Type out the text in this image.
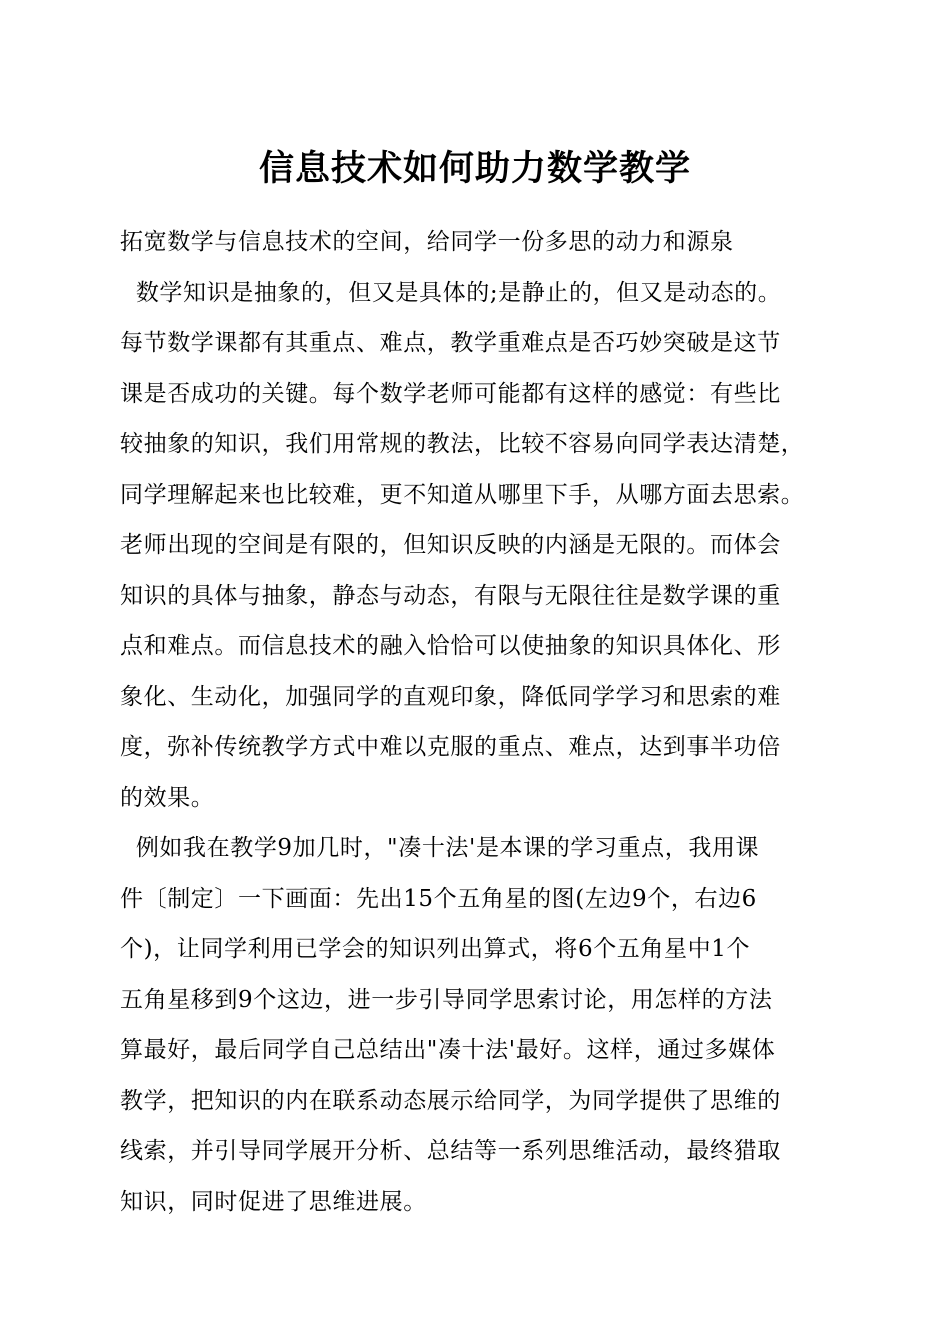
信息技术如何助力数学教学
拓宽数学与信息技术的空间，给同学一份多思的动力和源泉
数学知识是抽象的，但又是具体的;是静止的，但又是动态的。
每节数学课都有其重点、难点，教学重难点是否巧妙突破是这节
课是否成功的关键。每个数学老师可能都有这样的感觉：有些比
较抽象的知识，我们用常规的教法，比较不容易向同学表达清楚，
同学理解起来也比较难，更不知道从哪里下手，从哪方面去思索。
老师出现的空间是有限的，但知识反映的内涵是无限的。而体会
知识的具体与抽象，静态与动态，有限与无限往往是数学课的重
点和难点。而信息技术的融入恰恰可以使抽象的知识具体化、形
象化、生动化，加强同学的直观印象，降低同学学习和思索的难
度，弥补传统教学方式中难以克服的重点、难点，达到事半功倍
的效果。
例如我在教学9加几时，"凑十法'是本课的学习重点，我用课
件〔制定〕一下画面：先出15个五角星的图(左边9个，右边6
个)，让同学利用已学会的知识列出算式，将6个五角星中1个
五角星移到9个这边，进一步引导同学思索讨论，用怎样的方法
算最好，最后同学自己总结出"凑十法'最好。这样，通过多媒体
教学，把知识的内在联系动态展示给同学，为同学提供了思维的
线索，并引导同学展开分析、总结等一系列思维活动，最终猎取
知识，同时促进了思维进展。
